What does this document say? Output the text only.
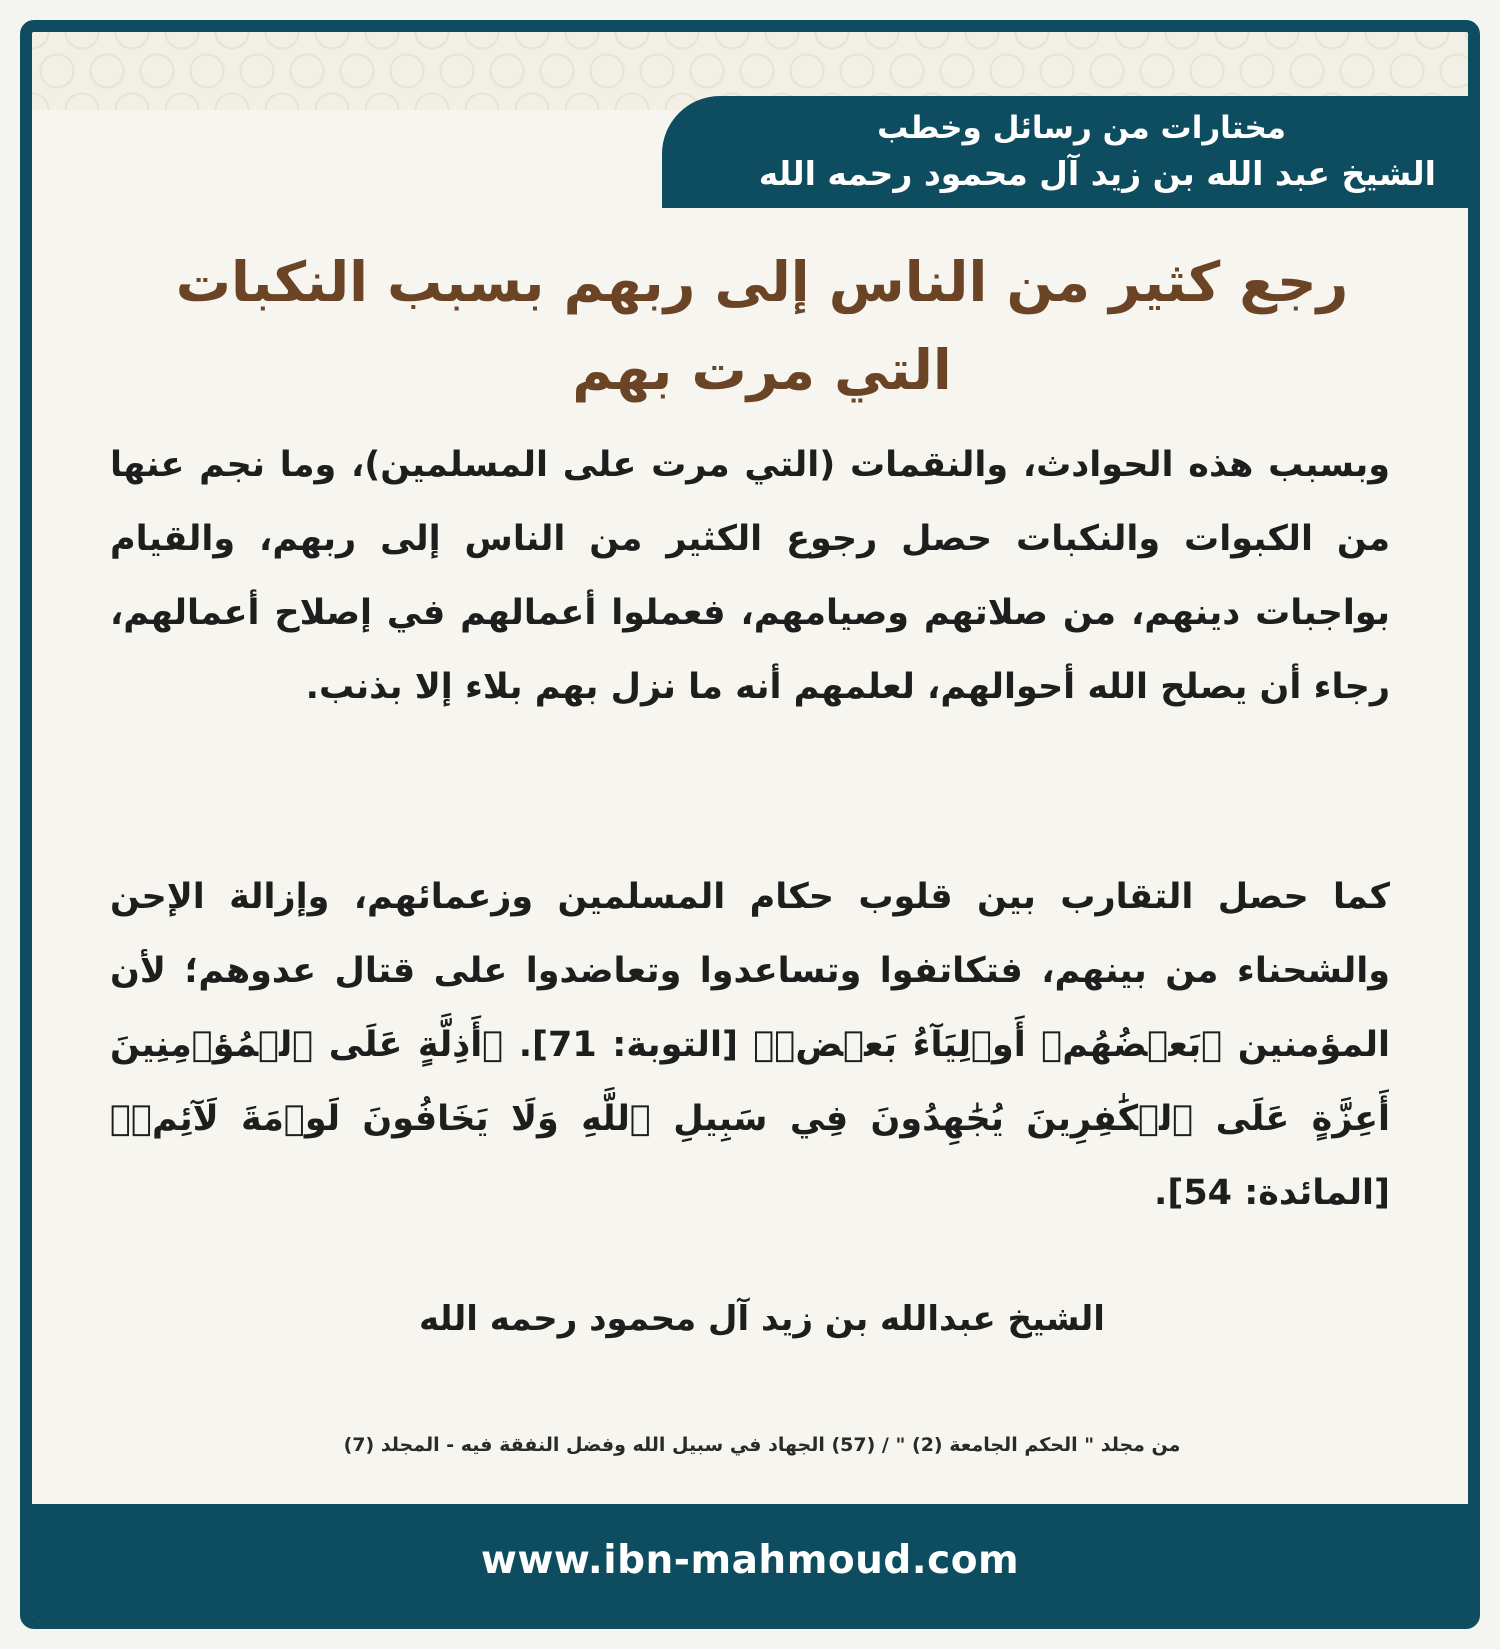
مختارات من رسائل وخطب
الشيخ عبد الله بن زيد آل محمود رحمه الله
رجع كثير من الناس إلى ربهم بسبب النكبات التي مرت بهم
وبسبب هذه الحوادث، والنقمات (التي مرت على المسلمين)، وما نجم عنها من الكبوات والنكبات حصل رجوع الكثير من الناس إلى ربهم، والقيام بواجبات دينهم، من صلاتهم وصيامهم، فعملوا أعمالهم في إصلاح أعمالهم، رجاء أن يصلح الله أحوالهم، لعلمهم أنه ما نزل بهم بلاء إلا بذنب.
كما حصل التقارب بين قلوب حكام المسلمين وزعمائهم، وإزالة الإحن والشحناء من بينهم، فتكاتفوا وتساعدوا وتعاضدوا على قتال عدوهم؛ لأن المؤمنين ﴿بَعۡضُهُمۡ أَوۡلِيَآءُ بَعۡضٖ﴾ [التوبة: 71]. ﴿أَذِلَّةٍ عَلَى ٱلۡمُؤۡمِنِينَ أَعِزَّةٍ عَلَى ٱلۡكَٰفِرِينَ يُجَٰهِدُونَ فِي سَبِيلِ ٱللَّهِ وَلَا يَخَافُونَ لَوۡمَةَ لَآئِمٖ﴾ [المائدة: 54].
الشيخ عبدالله بن زيد آل محمود رحمه الله
من مجلد " الحكم الجامعة (2) " / (57) الجهاد في سبيل الله وفضل النفقة فيه - المجلد (7)
www.ibn-mahmoud.com
